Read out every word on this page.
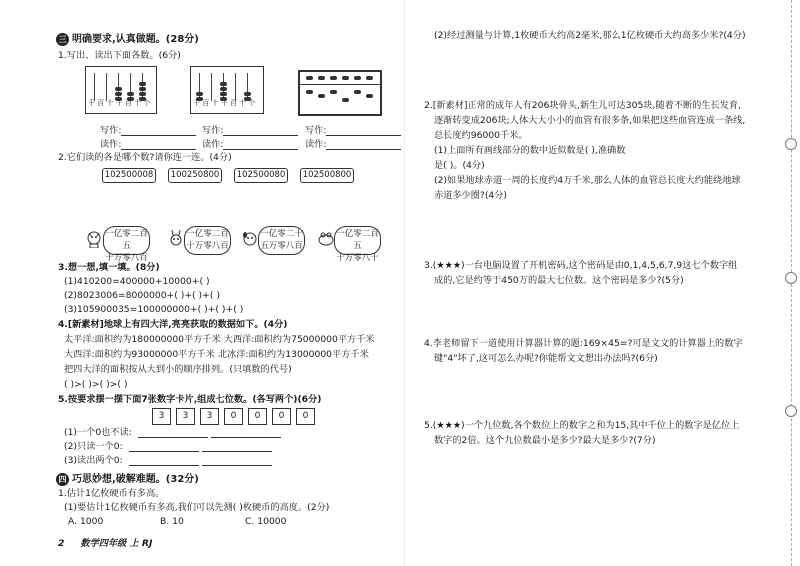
三 明确要求,认真做题。(28分)
1.写出、读出下面各数。(6分)
千 百 十 千 百 十 个	千 百 十 千 百 十 个
写作:
读作:
写作:
读作:
写作:
读作:
2.它们读的各是哪个数?请你连一连。(4分)
102500008	100250800	102500080	102500800
一亿零二百五
十万零八百
一亿零二百
十万零八百
一亿零二十
五万零八百
一亿零二百五
十万零八十
3.想一想,填一填。(8分)
(1)410200=400000+10000+( )
(2)8023006=8000000+( )+( )+( )
(3)105900035=100000000+( )+( )+( )
4.[新素材]地球上有四大洋,亮亮获取的数据如下。(4分)
太平洋:面积约为180000000平方千米 大西洋:面积约为75000000平方千米
大西洋:面积约为93000000平方千米 北冰洋:面积约为13000000平方千米
把四大洋的面积按从大到小的顺序排列。(只填数的代号)
( )>( )>( )>( )
5.按要求摆一摆下面7张数字卡片,组成七位数。(各写两个)(6分)
3	3	3	0	0	0	0
(1)一个0也不读:
(2)只读一个0:
(3)读出两个0:
四 巧思妙想,破解难题。(32分)
1.估计1亿枚硬币有多高。
(1)要估计1亿枚硬币有多高,我们可以先测( )枚硬币的高度。(2分)
A. 1000	B. 10	C. 10000
2     数学四年级 上 RJ
(2)经过测量与计算,1枚硬币大约高2毫米,那么1亿枚硬币大约高多少米?(4分)
2.[新素材]正常的成年人有206块骨头,新生儿可达305块,随着不断的生长发育,
逐渐转变成206块;人体大大小小的血管有很多条,如果把这些血管连成一条线,
总长度约96000千米。
(1)上面所有画线部分的数中近似数是( ),准确数
是( )。(4分)
(2)如果地球赤道一周的长度约4万千米,那么人体的血管总长度大约能绕地球
赤道多少圈?(4分)
3.(★★★)一台电脑设置了开机密码,这个密码是由0,1,4,5,6,7,9这七个数字组
成的,它是约等于450万的最大七位数。这个密码是多少?(5分)
4.李老师留下一道使用计算器计算的题:169×45=?可是文文的计算器上的数字
键"4"坏了,这可怎么办呢?你能帮文文想出办法吗?(6分)
5.(★★★)一个九位数,各个数位上的数字之和为15,其中千位上的数字是亿位上
数字的2倍。这个九位数最小是多少?最大是多少?(7分)
